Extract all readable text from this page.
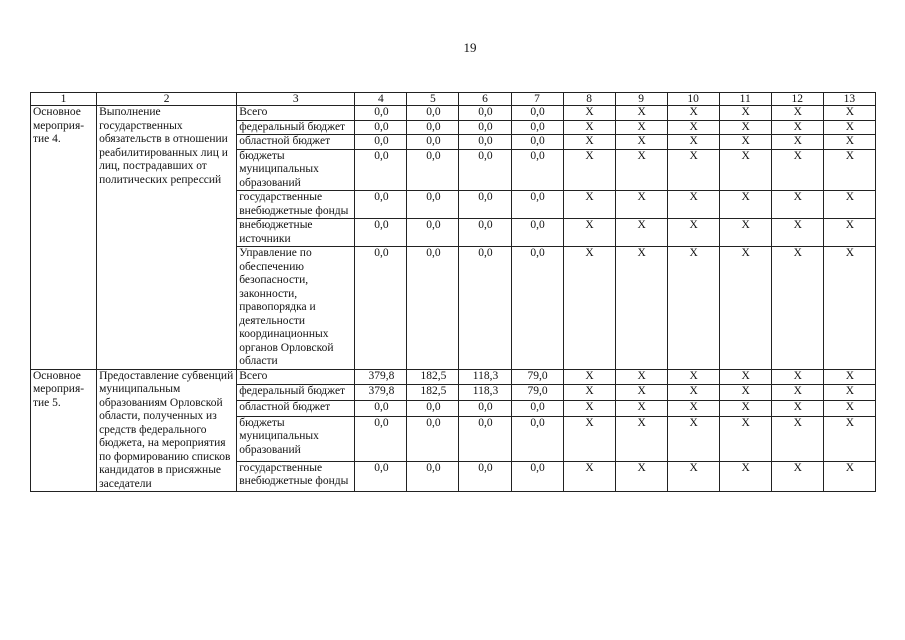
19
1	2	3	4	5	6	7	8	9	10	11	12	13
Основное мероприя-тие 4.	Выполнение государственных обязательств в отношении реабилитированных лиц и лиц, пострадавших от политических репрессий	Всего	0,0	0,0	0,0	0,0	X	X	X	X	X	X
		федеральный бюджет	0,0	0,0	0,0	0,0	X	X	X	X	X	X
		областной бюджет	0,0	0,0	0,0	0,0	X	X	X	X	X	X
		бюджеты муниципальных образований	0,0	0,0	0,0	0,0	X	X	X	X	X	X
		государственные внебюджетные фонды	0,0	0,0	0,0	0,0	X	X	X	X	X	X
		внебюджетные источники	0,0	0,0	0,0	0,0	X	X	X	X	X	X
		Управление по обеспечению безопасности, законности, правопорядка и деятельности координационных органов Орловской области	0,0	0,0	0,0	0,0	X	X	X	X	X	X
Основное мероприя-тие 5.	Предоставление субвенций муниципальным образованиям Орловской области, полученных из средств федерального бюджета, на мероприятия по формированию списков кандидатов в присяжные заседатели	Всего	379,8	182,5	118,3	79,0	X	X	X	X	X	X
		федеральный бюджет	379,8	182,5	118,3	79,0	X	X	X	X	X	X
		областной бюджет	0,0	0,0	0,0	0,0	X	X	X	X	X	X
		бюджеты муниципальных образований	0,0	0,0	0,0	0,0	X	X	X	X	X	X
		государственные внебюджетные фонды	0,0	0,0	0,0	0,0	X	X	X	X	X	X
